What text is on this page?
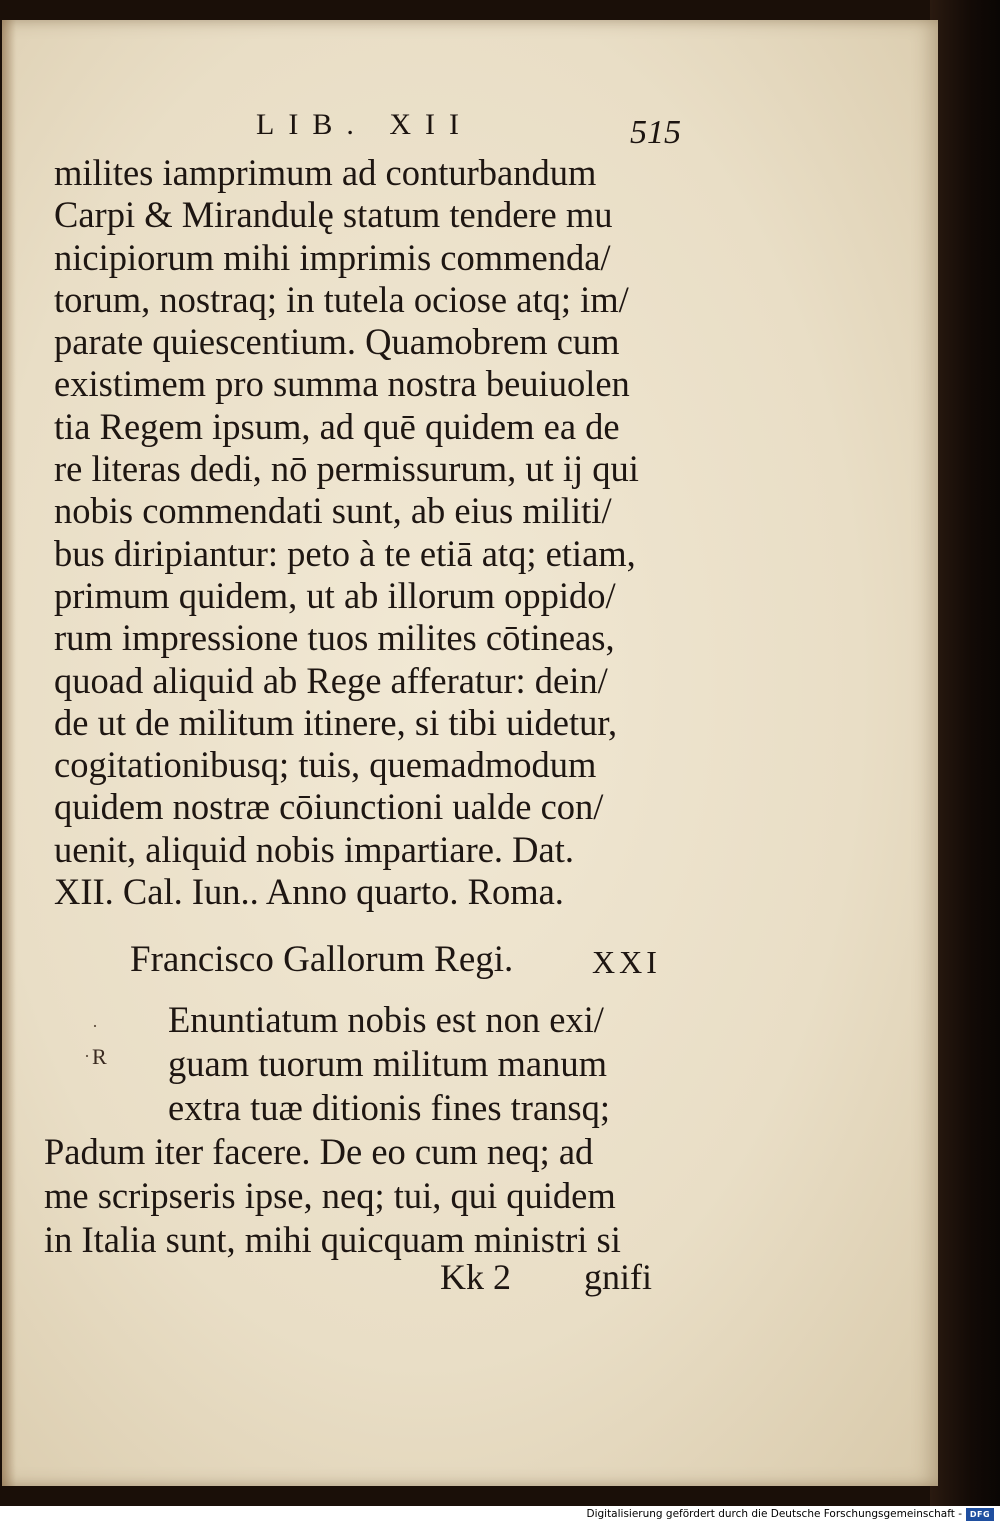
LIB. XII	515
milites iamprimum ad conturbandum
Carpi & Mirandulę statum tendere mu
nicipiorum mihi imprimis commenda/
torum, nostraq; in tutela ociose atq; im/
parate quiescentium. Quamobrem cum
existimem pro summa nostra beuiuolen
tia Regem ipsum, ad quē quidem ea de
re literas dedi, nō permissurum, ut ij qui
nobis commendati sunt, ab eius militi/
bus diripiantur: peto à te etiā atq; etiam,
primum quidem, ut ab illorum oppido/
rum impressione tuos milites cōtineas,
quoad aliquid ab Rege afferatur: dein/
de ut de militum itinere, si tibi uidetur,
cogitationibusq; tuis, quemadmodum
quidem nostræ cōiunctioni ualde con/
uenit, aliquid nobis impartiare. Dat.
XII. Cal. Iun.. Anno quarto. Roma.
Francisco Gallorum Regi.	XXI
·
· R
Enuntiatum nobis est non exi/
guam tuorum militum manum
extra tuæ ditionis fines transq;
Padum iter facere. De eo cum neq; ad
me scripseris ipse, neq; tui, qui quidem
in Italia sunt, mihi quicquam ministri si
Kk 2 gnifi
Digitalisierung gefördert durch die Deutsche Forschungsgemeinschaft - DFG
